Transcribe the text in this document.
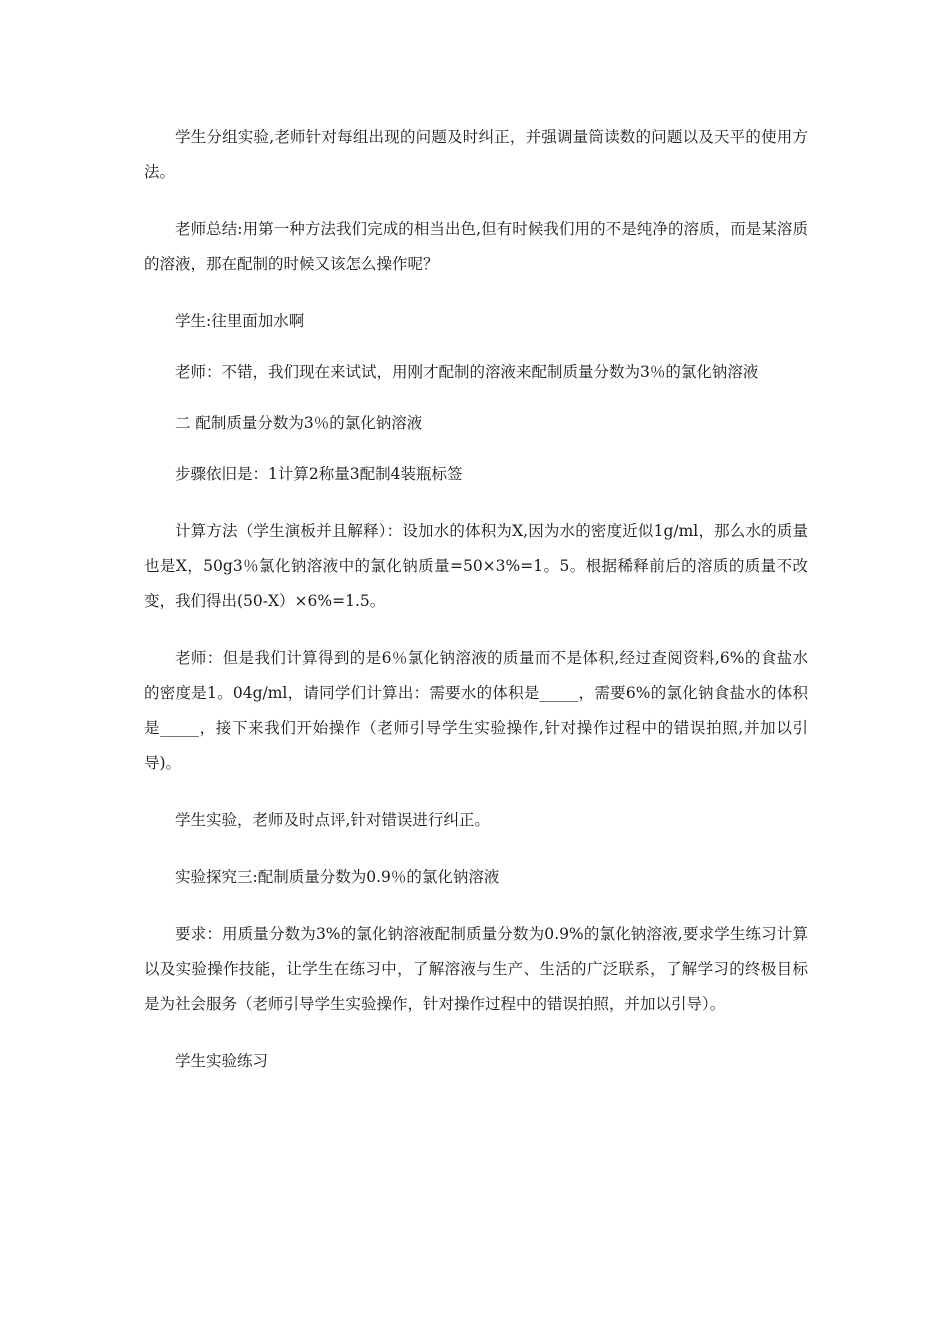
学生分组实验,老师针对每组出现的问题及时纠正，并强调量筒读数的问题以及天平的使用方法。

老师总结:用第一种方法我们完成的相当出色,但有时候我们用的不是纯净的溶质，而是某溶质的溶液，那在配制的时候又该怎么操作呢？

学生:往里面加水啊

老师：不错，我们现在来试试，用刚才配制的溶液来配制质量分数为3％的氯化钠溶液

二 配制质量分数为3％的氯化钠溶液

步骤依旧是：1计算2称量3配制4装瓶标签

计算方法（学生演板并且解释）：设加水的体积为X,因为水的密度近似1g/ml，那么水的质量也是X，50g3％氯化钠溶液中的氯化钠质量=50×3%=1。5。根据稀释前后的溶质的质量不改变，我们得出(50-X）×6%=1.5。

老师：但是我们计算得到的是6％氯化钠溶液的质量而不是体积,经过查阅资料,6%的食盐水的密度是1。04g/ml，请同学们计算出：需要水的体积是_____，需要6%的氯化钠食盐水的体积是_____，接下来我们开始操作（老师引导学生实验操作,针对操作过程中的错误拍照,并加以引导)。

学生实验，老师及时点评,针对错误进行纠正。

实验探究三:配制质量分数为0.9％的氯化钠溶液

要求：用质量分数为3%的氯化钠溶液配制质量分数为0.9%的氯化钠溶液,要求学生练习计算以及实验操作技能，让学生在练习中，了解溶液与生产、生活的广泛联系，了解学习的终极目标是为社会服务（老师引导学生实验操作，针对操作过程中的错误拍照，并加以引导）。

学生实验练习
